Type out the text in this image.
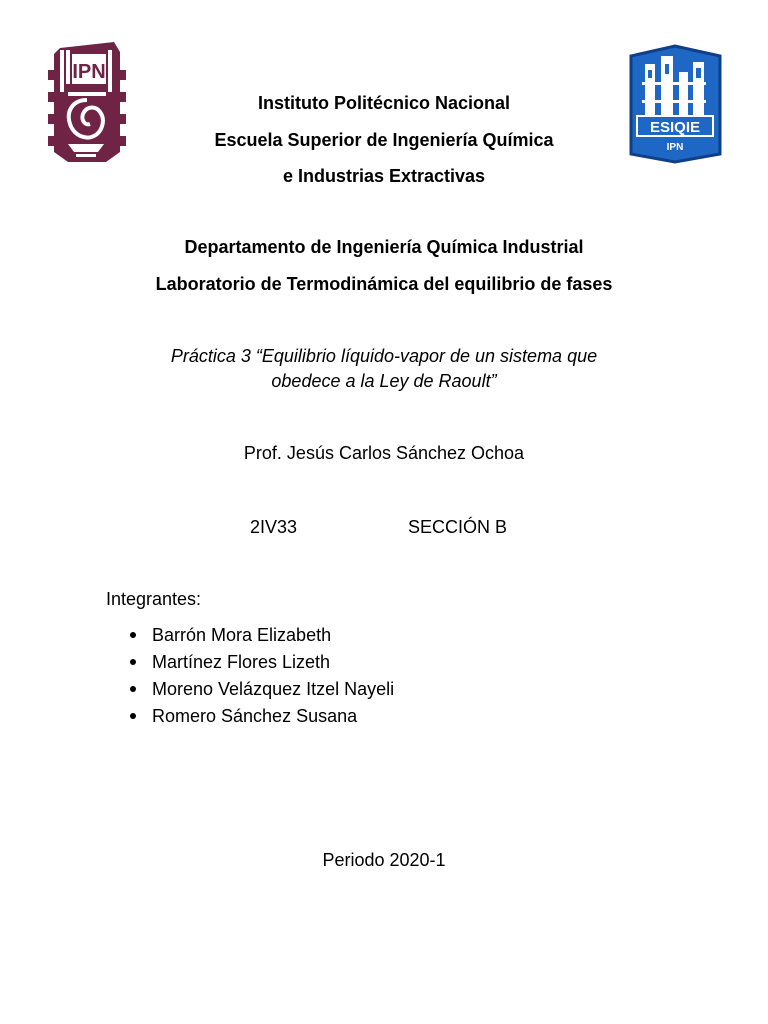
IPN
ESIQIE
IPN
Instituto Politécnico Nacional
Escuela Superior de Ingeniería Química
e Industrias Extractivas
Departamento de Ingeniería Química Industrial
Laboratorio de Termodinámica del equilibrio de fases
Práctica 3 “Equilibrio líquido-vapor de un sistema que
obedece a la Ley de Raoult”
Prof. Jesús Carlos Sánchez Ochoa
2IV33	SECCIÓN B
Integrantes:
Barrón Mora Elizabeth
Martínez Flores Lizeth
Moreno Velázquez Itzel Nayeli
Romero Sánchez Susana
Periodo 2020-1
